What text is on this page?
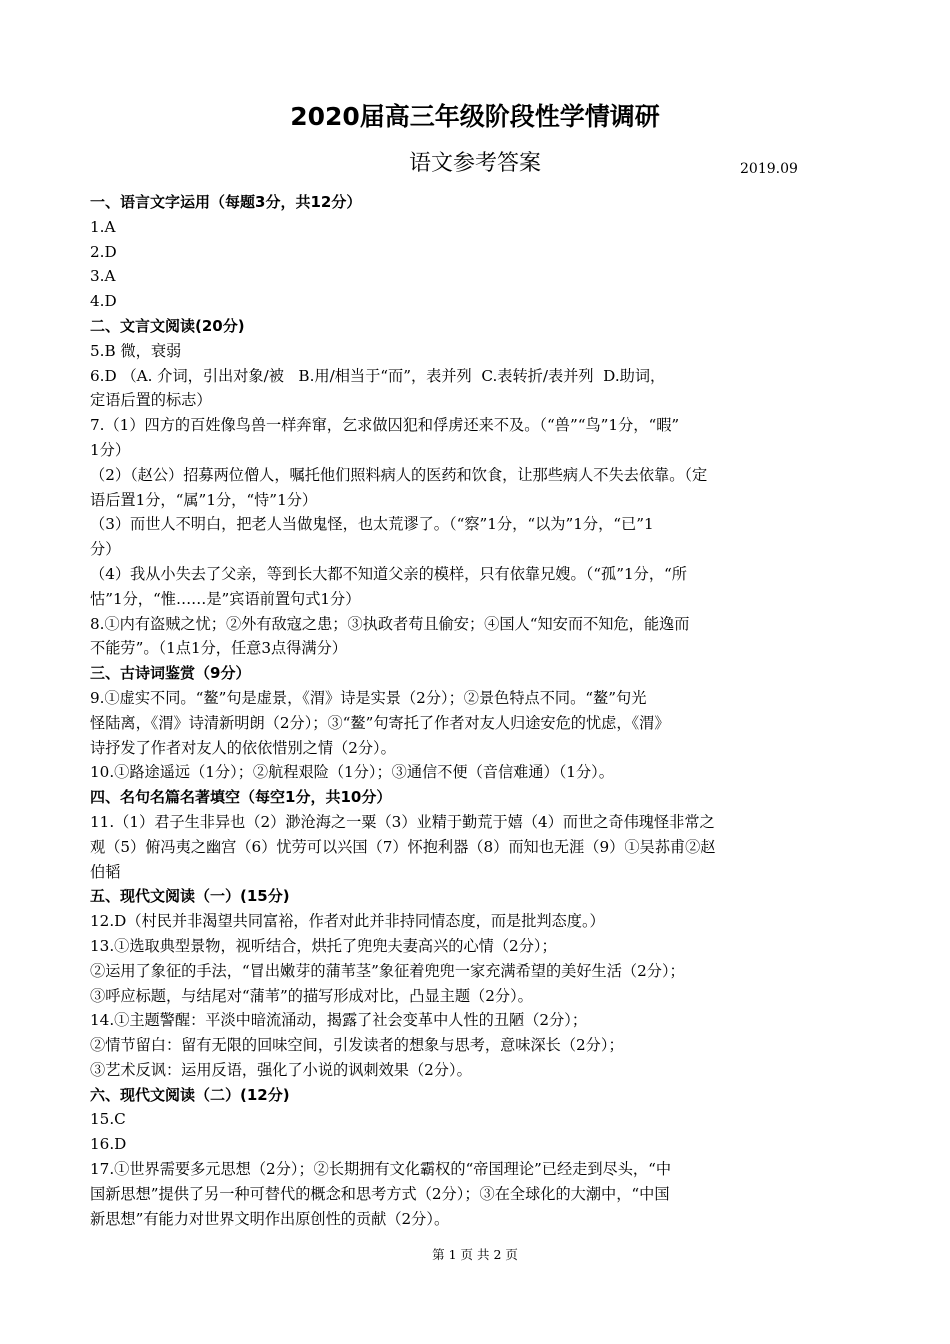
2020届高三年级阶段性学情调研
语文参考答案	2019.09
一、语言文字运用（每题3分，共12分）
1.A
2.D
3.A
4.D
二、文言文阅读(20分)
5.B 微，衰弱
6.D （A. 介词，引出对象/被   B.用/相当于“而”，表并列  C.表转折/表并列  D.助词，
定语后置的标志）
7.（1）四方的百姓像鸟兽一样奔窜，乞求做囚犯和俘虏还来不及。（“兽”“鸟”1分，“暇”
1分）
（2）（赵公）招募两位僧人，嘱托他们照料病人的医药和饮食，让那些病人不失去依靠。（定
语后置1分，“属”1分，“恃”1分）
（3）而世人不明白，把老人当做鬼怪，也太荒谬了。（“察”1分，“以为”1分，“已”1
分）
（4）我从小失去了父亲，等到长大都不知道父亲的模样，只有依靠兄嫂。（“孤”1分，“所
怙”1分，“惟……是”宾语前置句式1分）
8.①内有盗贼之忧；②外有敌寇之患；③执政者苟且偷安；④国人“知安而不知危，能逸而
不能劳”。（1点1分，任意3点得满分）
三、古诗词鉴赏（9分）
9.①虚实不同。“鳌”句是虚景，《渭》诗是实景（2分）；②景色特点不同。“鳌”句光
怪陆离，《渭》诗清新明朗（2分）；③“鳌”句寄托了作者对友人归途安危的忧虑，《渭》
诗抒发了作者对友人的依依惜别之情（2分）。
10.①路途遥远（1分）；②航程艰险（1分）；③通信不便（音信难通）（1分）。
四、名句名篇名著填空（每空1分，共10分）
11.（1）君子生非异也（2）渺沧海之一粟（3）业精于勤荒于嬉（4）而世之奇伟瑰怪非常之
观（5）俯冯夷之幽宫（6）忧劳可以兴国（7）怀抱利器（8）而知也无涯（9）①吴荪甫②赵
伯韬
五、现代文阅读（一）(15分)
12.D（村民并非渴望共同富裕，作者对此并非持同情态度，而是批判态度。）
13.①选取典型景物，视听结合，烘托了兜兜夫妻高兴的心情（2分）；
②运用了象征的手法，“冒出嫩芽的蒲苇茎”象征着兜兜一家充满希望的美好生活（2分）；
③呼应标题，与结尾对“蒲苇”的描写形成对比，凸显主题（2分）。
14.①主题警醒：平淡中暗流涌动，揭露了社会变革中人性的丑陋（2分）；
②情节留白：留有无限的回味空间，引发读者的想象与思考，意味深长（2分）；
③艺术反讽：运用反语，强化了小说的讽刺效果（2分）。
六、现代文阅读（二）(12分)
15.C
16.D
17.①世界需要多元思想（2分）；②长期拥有文化霸权的“帝国理论”已经走到尽头，“中
国新思想”提供了另一种可替代的概念和思考方式（2分）；③在全球化的大潮中，“中国
新思想”有能力对世界文明作出原创性的贡献（2分）。
第 1 页 共 2 页
